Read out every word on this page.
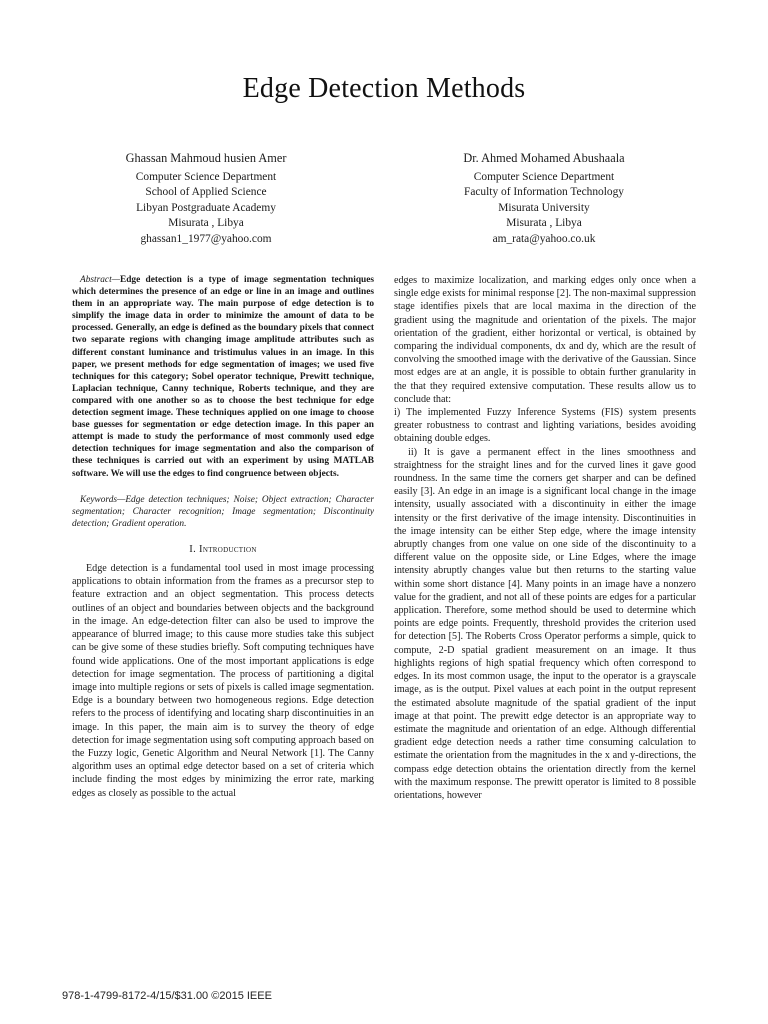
Edge Detection Methods
Ghassan Mahmoud husien Amer
Computer Science Department
School of Applied Science
Libyan Postgraduate Academy
Misurata , Libya
ghassan1_1977@yahoo.com
Dr. Ahmed Mohamed Abushaala
Computer Science Department
Faculty of Information Technology
Misurata University
Misurata , Libya
am_rata@yahoo.co.uk
Abstract—Edge detection is a type of image segmentation techniques which determines the presence of an edge or line in an image and outlines them in an appropriate way. The main purpose of edge detection is to simplify the image data in order to minimize the amount of data to be processed. Generally, an edge is defined as the boundary pixels that connect two separate regions with changing image amplitude attributes such as different constant luminance and tristimulus values in an image. In this paper, we present methods for edge segmentation of images; we used five techniques for this category; Sobel operator technique, Prewitt technique, Laplacian technique, Canny technique, Roberts technique, and they are compared with one another so as to choose the best technique for edge detection segment image. These techniques applied on one image to choose base guesses for segmentation or edge detection image. In this paper an attempt is made to study the performance of most commonly used edge detection techniques for image segmentation and also the comparison of these techniques is carried out with an experiment by using MATLAB software. We will use the edges to find congruence between objects.
Keywords—Edge detection techniques; Noise; Object extraction; Character segmentation; Character recognition; Image segmentation; Discontinuity detection; Gradient operation.
I. Introduction
Edge detection is a fundamental tool used in most image processing applications to obtain information from the frames as a precursor step to feature extraction and an object segmentation. This process detects outlines of an object and boundaries between objects and the background in the image. An edge-detection filter can also be used to improve the appearance of blurred image; to this cause more studies take this subject can be give some of these studies briefly. Soft computing techniques have found wide applications. One of the most important applications is edge detection for image segmentation. The process of partitioning a digital image into multiple regions or sets of pixels is called image segmentation. Edge is a boundary between two homogeneous regions. Edge detection refers to the process of identifying and locating sharp discontinuities in an image. In this paper, the main aim is to survey the theory of edge detection for image segmentation using soft computing approach based on the Fuzzy logic, Genetic Algorithm and Neural Network [1]. The Canny algorithm uses an optimal edge detector based on a set of criteria which include finding the most edges by minimizing the error rate, marking edges as closely as possible to the actual
edges to maximize localization, and marking edges only once when a single edge exists for minimal response [2]. The non-maximal suppression stage identifies pixels that are local maxima in the direction of the gradient using the magnitude and orientation of the pixels. The major orientation of the gradient, either horizontal or vertical, is obtained by comparing the individual components, dx and dy, which are the result of convolving the smoothed image with the derivative of the Gaussian. Since most edges are at an angle, it is possible to obtain further granularity in the that they required extensive computation. These results allow us to conclude that:
i) The implemented Fuzzy Inference Systems (FIS) system presents greater robustness to contrast and lighting variations, besides avoiding obtaining double edges.
ii) It is gave a permanent effect in the lines smoothness and straightness for the straight lines and for the curved lines it gave good roundness. In the same time the corners get sharper and can be defined easily [3]. An edge in an image is a significant local change in the image intensity, usually associated with a discontinuity in either the image intensity or the first derivative of the image intensity. Discontinuities in the image intensity can be either Step edge, where the image intensity abruptly changes from one value on one side of the discontinuity to a different value on the opposite side, or Line Edges, where the image intensity abruptly changes value but then returns to the starting value within some short distance [4]. Many points in an image have a nonzero value for the gradient, and not all of these points are edges for a particular application. Therefore, some method should be used to determine which points are edge points. Frequently, threshold provides the criterion used for detection [5]. The Roberts Cross Operator performs a simple, quick to compute, 2-D spatial gradient measurement on an image. It thus highlights regions of high spatial frequency which often correspond to edges. In its most common usage, the input to the operator is a grayscale image, as is the output. Pixel values at each point in the output represent the estimated absolute magnitude of the spatial gradient of the input image at that point. The prewitt edge detector is an appropriate way to estimate the magnitude and orientation of an edge. Although differential gradient edge detection needs a rather time consuming calculation to estimate the orientation from the magnitudes in the x and y-directions, the compass edge detection obtains the orientation directly from the kernel with the maximum response. The prewitt operator is limited to 8 possible orientations, however
978-1-4799-8172-4/15/$31.00 ©2015 IEEE
